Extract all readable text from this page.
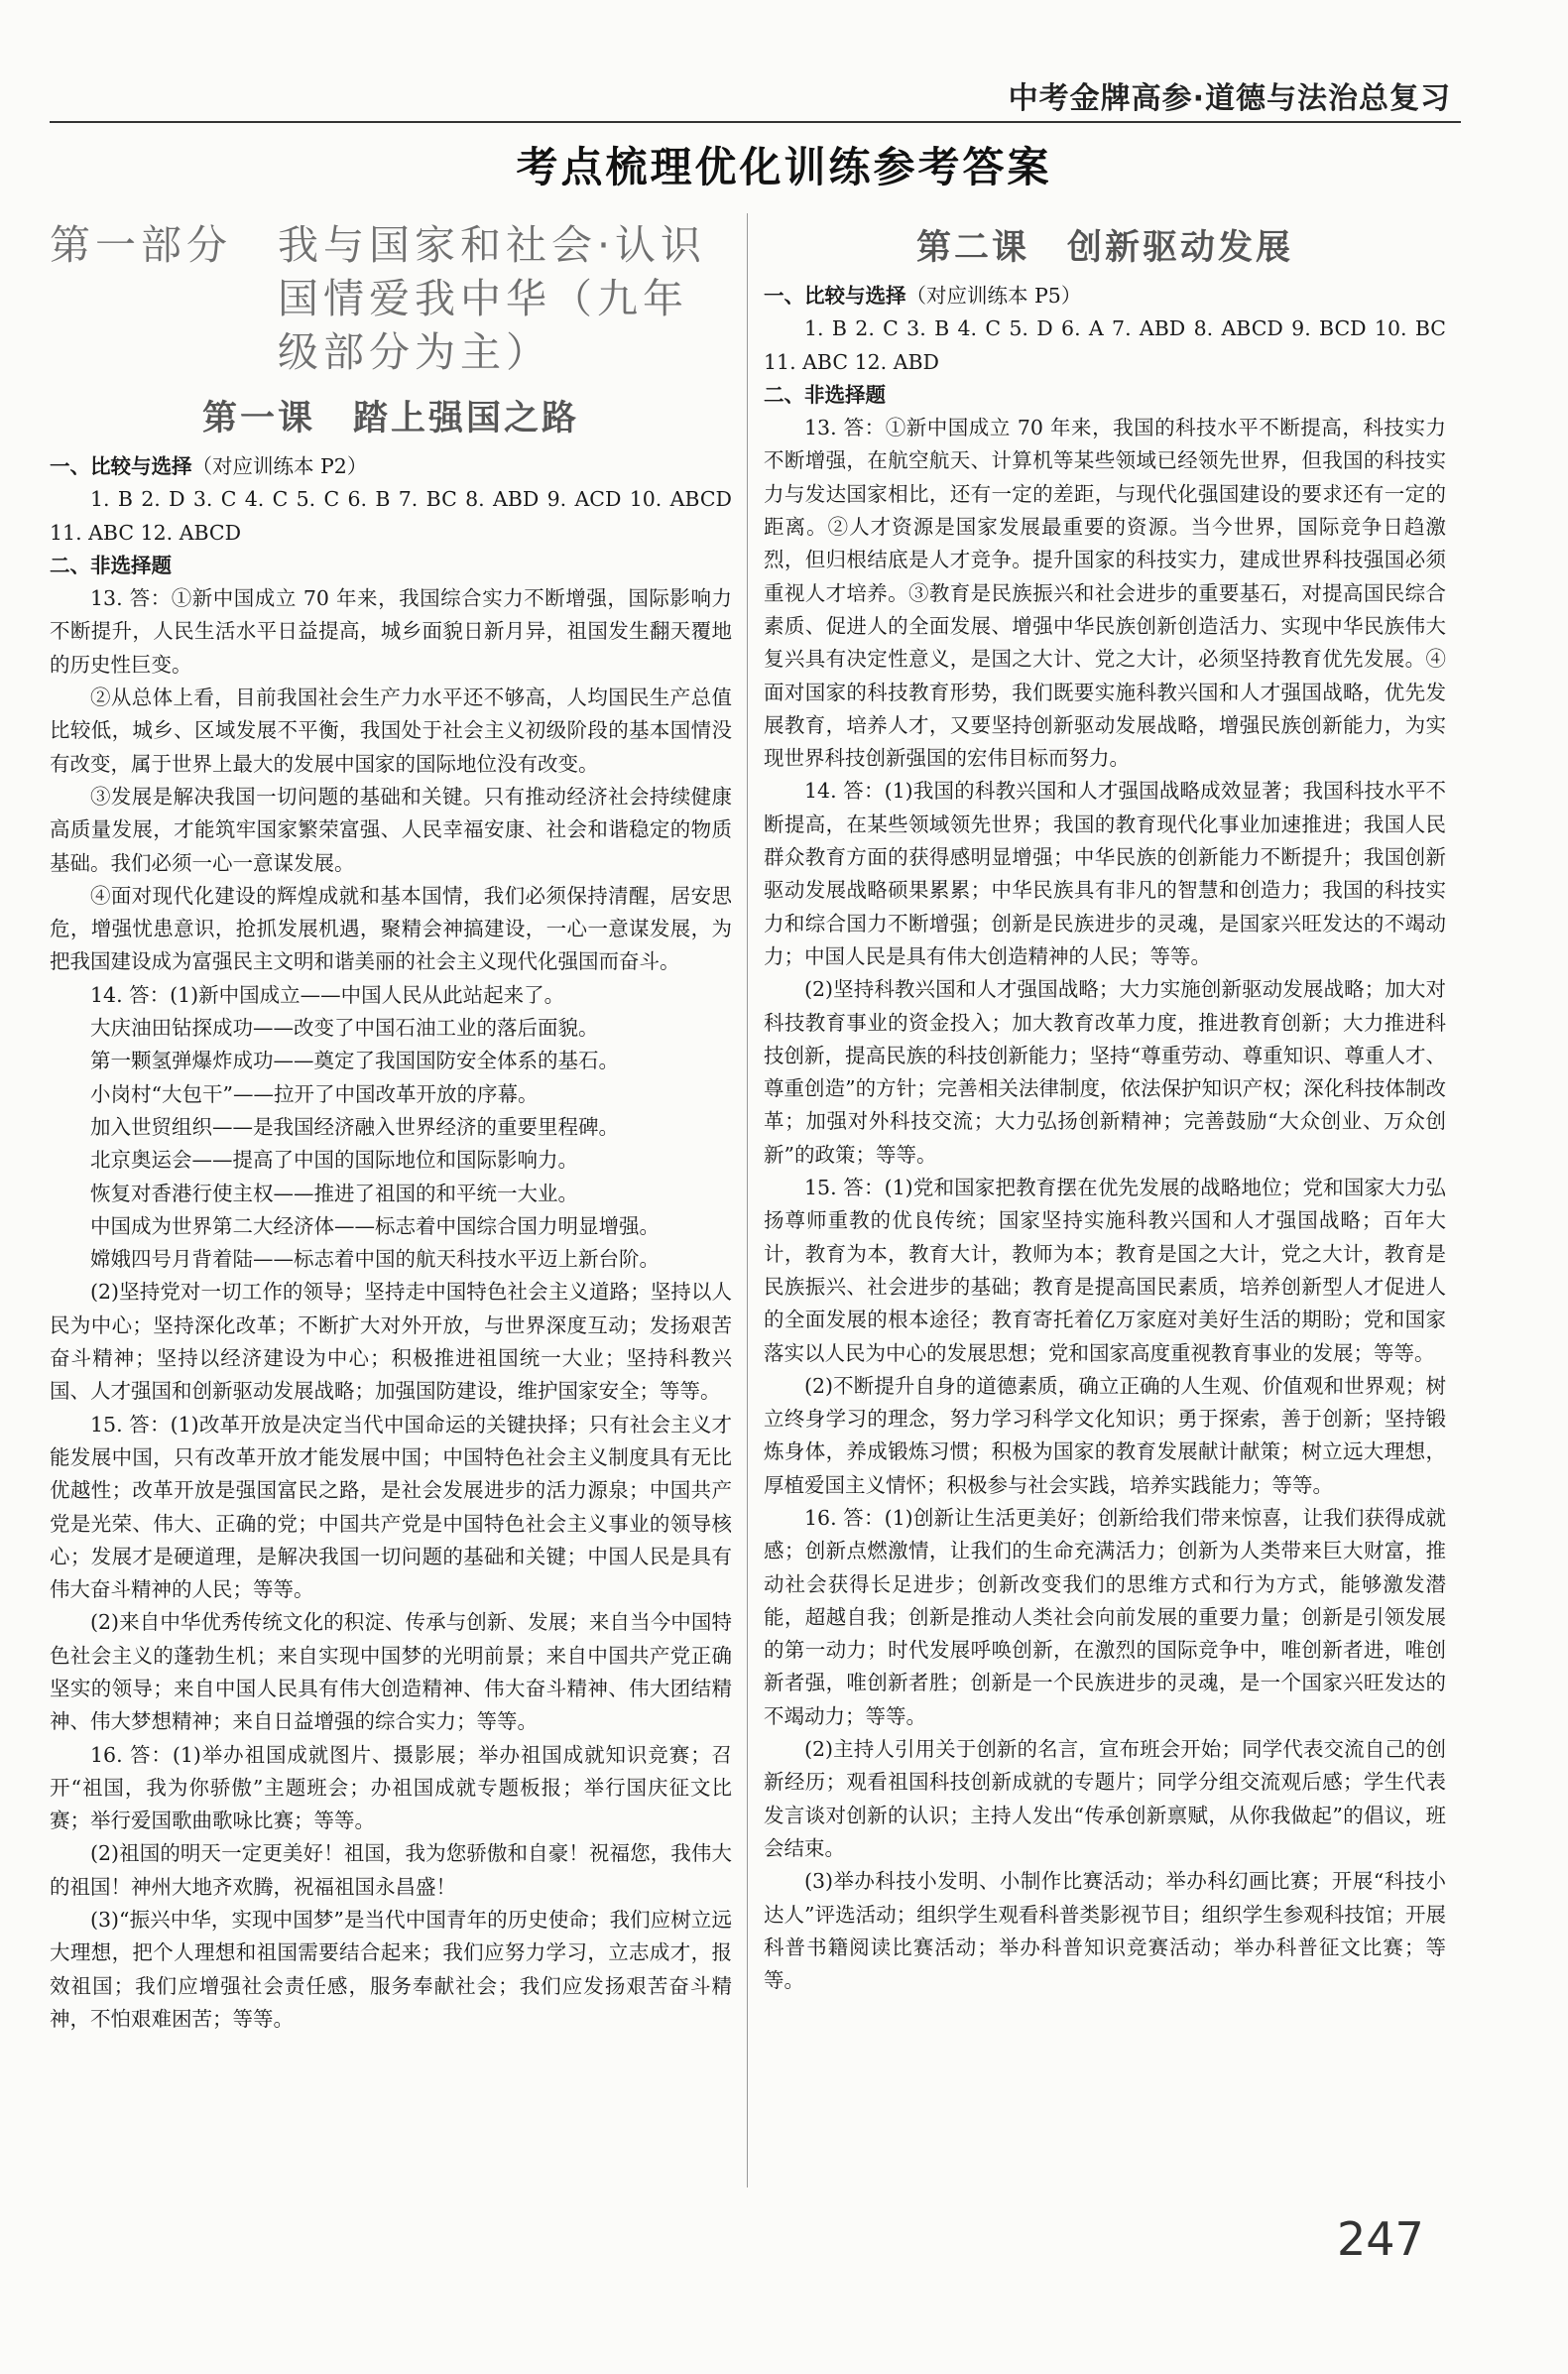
中考金牌高参·道德与法治总复习
考点梳理优化训练参考答案
第一部分	我与国家和社会·认识国情爱我中华（九年级部分为主）
第一课　踏上强国之路

一、比较与选择（对应训练本 P2）

1. B 2. D 3. C 4. C 5. C 6. B 7. BC 8. ABD 9. ACD 10. ABCD 11. ABC 12. ABCD

二、非选择题

13. 答：①新中国成立 70 年来，我国综合实力不断增强，国际影响力不断提升，人民生活水平日益提高，城乡面貌日新月异，祖国发生翻天覆地的历史性巨变。

②从总体上看，目前我国社会生产力水平还不够高，人均国民生产总值比较低，城乡、区域发展不平衡，我国处于社会主义初级阶段的基本国情没有改变，属于世界上最大的发展中国家的国际地位没有改变。

③发展是解决我国一切问题的基础和关键。只有推动经济社会持续健康高质量发展，才能筑牢国家繁荣富强、人民幸福安康、社会和谐稳定的物质基础。我们必须一心一意谋发展。

④面对现代化建设的辉煌成就和基本国情，我们必须保持清醒，居安思危，增强忧患意识，抢抓发展机遇，聚精会神搞建设，一心一意谋发展，为把我国建设成为富强民主文明和谐美丽的社会主义现代化强国而奋斗。

14. 答：(1)新中国成立——中国人民从此站起来了。

大庆油田钻探成功——改变了中国石油工业的落后面貌。

第一颗氢弹爆炸成功——奠定了我国国防安全体系的基石。

小岗村“大包干”——拉开了中国改革开放的序幕。

加入世贸组织——是我国经济融入世界经济的重要里程碑。

北京奥运会——提高了中国的国际地位和国际影响力。

恢复对香港行使主权——推进了祖国的和平统一大业。

中国成为世界第二大经济体——标志着中国综合国力明显增强。

嫦娥四号月背着陆——标志着中国的航天科技水平迈上新台阶。

(2)坚持党对一切工作的领导；坚持走中国特色社会主义道路；坚持以人民为中心；坚持深化改革；不断扩大对外开放，与世界深度互动；发扬艰苦奋斗精神；坚持以经济建设为中心；积极推进祖国统一大业；坚持科教兴国、人才强国和创新驱动发展战略；加强国防建设，维护国家安全；等等。

15. 答：(1)改革开放是决定当代中国命运的关键抉择；只有社会主义才能发展中国，只有改革开放才能发展中国；中国特色社会主义制度具有无比优越性；改革开放是强国富民之路，是社会发展进步的活力源泉；中国共产党是光荣、伟大、正确的党；中国共产党是中国特色社会主义事业的领导核心；发展才是硬道理，是解决我国一切问题的基础和关键；中国人民是具有伟大奋斗精神的人民；等等。

(2)来自中华优秀传统文化的积淀、传承与创新、发展；来自当今中国特色社会主义的蓬勃生机；来自实现中国梦的光明前景；来自中国共产党正确坚实的领导；来自中国人民具有伟大创造精神、伟大奋斗精神、伟大团结精神、伟大梦想精神；来自日益增强的综合实力；等等。

16. 答：(1)举办祖国成就图片、摄影展；举办祖国成就知识竞赛；召开“祖国，我为你骄傲”主题班会；办祖国成就专题板报；举行国庆征文比赛；举行爱国歌曲歌咏比赛；等等。

(2)祖国的明天一定更美好！祖国，我为您骄傲和自豪！祝福您，我伟大的祖国！神州大地齐欢腾，祝福祖国永昌盛！

(3)“振兴中华，实现中国梦”是当代中国青年的历史使命；我们应树立远大理想，把个人理想和祖国需要结合起来；我们应努力学习，立志成才，报效祖国；我们应增强社会责任感，服务奉献社会；我们应发扬艰苦奋斗精神，不怕艰难困苦；等等。

第二课　创新驱动发展

一、比较与选择（对应训练本 P5）

1. B 2. C 3. B 4. C 5. D 6. A 7. ABD 8. ABCD 9. BCD 10. BC 11. ABC 12. ABD

二、非选择题

13. 答：①新中国成立 70 年来，我国的科技水平不断提高，科技实力不断增强，在航空航天、计算机等某些领域已经领先世界，但我国的科技实力与发达国家相比，还有一定的差距，与现代化强国建设的要求还有一定的距离。②人才资源是国家发展最重要的资源。当今世界，国际竞争日趋激烈，但归根结底是人才竞争。提升国家的科技实力，建成世界科技强国必须重视人才培养。③教育是民族振兴和社会进步的重要基石，对提高国民综合素质、促进人的全面发展、增强中华民族创新创造活力、实现中华民族伟大复兴具有决定性意义，是国之大计、党之大计，必须坚持教育优先发展。④面对国家的科技教育形势，我们既要实施科教兴国和人才强国战略，优先发展教育，培养人才，又要坚持创新驱动发展战略，增强民族创新能力，为实现世界科技创新强国的宏伟目标而努力。

14. 答：(1)我国的科教兴国和人才强国战略成效显著；我国科技水平不断提高，在某些领域领先世界；我国的教育现代化事业加速推进；我国人民群众教育方面的获得感明显增强；中华民族的创新能力不断提升；我国创新驱动发展战略硕果累累；中华民族具有非凡的智慧和创造力；我国的科技实力和综合国力不断增强；创新是民族进步的灵魂，是国家兴旺发达的不竭动力；中国人民是具有伟大创造精神的人民；等等。

(2)坚持科教兴国和人才强国战略；大力实施创新驱动发展战略；加大对科技教育事业的资金投入；加大教育改革力度，推进教育创新；大力推进科技创新，提高民族的科技创新能力；坚持“尊重劳动、尊重知识、尊重人才、尊重创造”的方针；完善相关法律制度，依法保护知识产权；深化科技体制改革；加强对外科技交流；大力弘扬创新精神；完善鼓励“大众创业、万众创新”的政策；等等。

15. 答：(1)党和国家把教育摆在优先发展的战略地位；党和国家大力弘扬尊师重教的优良传统；国家坚持实施科教兴国和人才强国战略；百年大计，教育为本，教育大计，教师为本；教育是国之大计，党之大计，教育是民族振兴、社会进步的基础；教育是提高国民素质，培养创新型人才促进人的全面发展的根本途径；教育寄托着亿万家庭对美好生活的期盼；党和国家落实以人民为中心的发展思想；党和国家高度重视教育事业的发展；等等。

(2)不断提升自身的道德素质，确立正确的人生观、价值观和世界观；树立终身学习的理念，努力学习科学文化知识；勇于探索，善于创新；坚持锻炼身体，养成锻炼习惯；积极为国家的教育发展献计献策；树立远大理想，厚植爱国主义情怀；积极参与社会实践，培养实践能力；等等。

16. 答：(1)创新让生活更美好；创新给我们带来惊喜，让我们获得成就感；创新点燃激情，让我们的生命充满活力；创新为人类带来巨大财富，推动社会获得长足进步；创新改变我们的思维方式和行为方式，能够激发潜能，超越自我；创新是推动人类社会向前发展的重要力量；创新是引领发展的第一动力；时代发展呼唤创新，在激烈的国际竞争中，唯创新者进，唯创新者强，唯创新者胜；创新是一个民族进步的灵魂，是一个国家兴旺发达的不竭动力；等等。

(2)主持人引用关于创新的名言，宣布班会开始；同学代表交流自己的创新经历；观看祖国科技创新成就的专题片；同学分组交流观后感；学生代表发言谈对创新的认识；主持人发出“传承创新禀赋，从你我做起”的倡议，班会结束。

(3)举办科技小发明、小制作比赛活动；举办科幻画比赛；开展“科技小达人”评选活动；组织学生观看科普类影视节目；组织学生参观科技馆；开展科普书籍阅读比赛活动；举办科普知识竞赛活动；举办科普征文比赛；等等。

247
